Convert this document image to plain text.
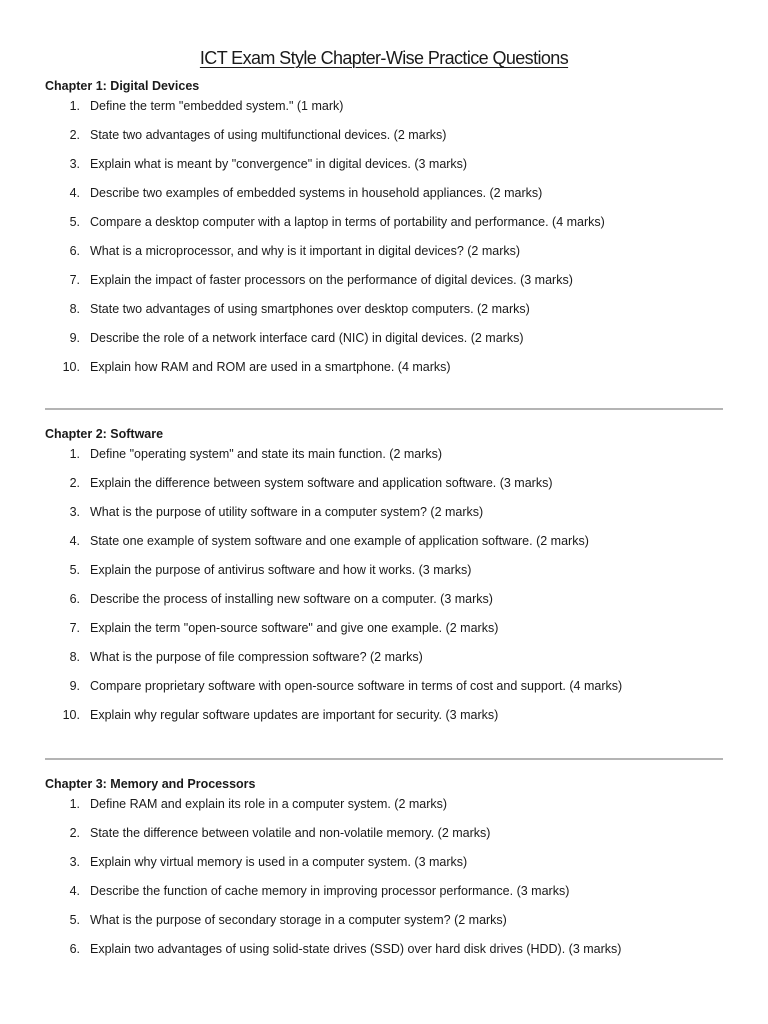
ICT Exam Style Chapter-Wise Practice Questions
Chapter 1: Digital Devices
1. Define the term "embedded system." (1 mark)
2. State two advantages of using multifunctional devices. (2 marks)
3. Explain what is meant by "convergence" in digital devices. (3 marks)
4. Describe two examples of embedded systems in household appliances. (2 marks)
5. Compare a desktop computer with a laptop in terms of portability and performance. (4 marks)
6. What is a microprocessor, and why is it important in digital devices? (2 marks)
7. Explain the impact of faster processors on the performance of digital devices. (3 marks)
8. State two advantages of using smartphones over desktop computers. (2 marks)
9. Describe the role of a network interface card (NIC) in digital devices. (2 marks)
10. Explain how RAM and ROM are used in a smartphone. (4 marks)
Chapter 2: Software
1. Define "operating system" and state its main function. (2 marks)
2. Explain the difference between system software and application software. (3 marks)
3. What is the purpose of utility software in a computer system? (2 marks)
4. State one example of system software and one example of application software. (2 marks)
5. Explain the purpose of antivirus software and how it works. (3 marks)
6. Describe the process of installing new software on a computer. (3 marks)
7. Explain the term "open-source software" and give one example. (2 marks)
8. What is the purpose of file compression software? (2 marks)
9. Compare proprietary software with open-source software in terms of cost and support. (4 marks)
10. Explain why regular software updates are important for security. (3 marks)
Chapter 3: Memory and Processors
1. Define RAM and explain its role in a computer system. (2 marks)
2. State the difference between volatile and non-volatile memory. (2 marks)
3. Explain why virtual memory is used in a computer system. (3 marks)
4. Describe the function of cache memory in improving processor performance. (3 marks)
5. What is the purpose of secondary storage in a computer system? (2 marks)
6. Explain two advantages of using solid-state drives (SSD) over hard disk drives (HDD). (3 marks)
